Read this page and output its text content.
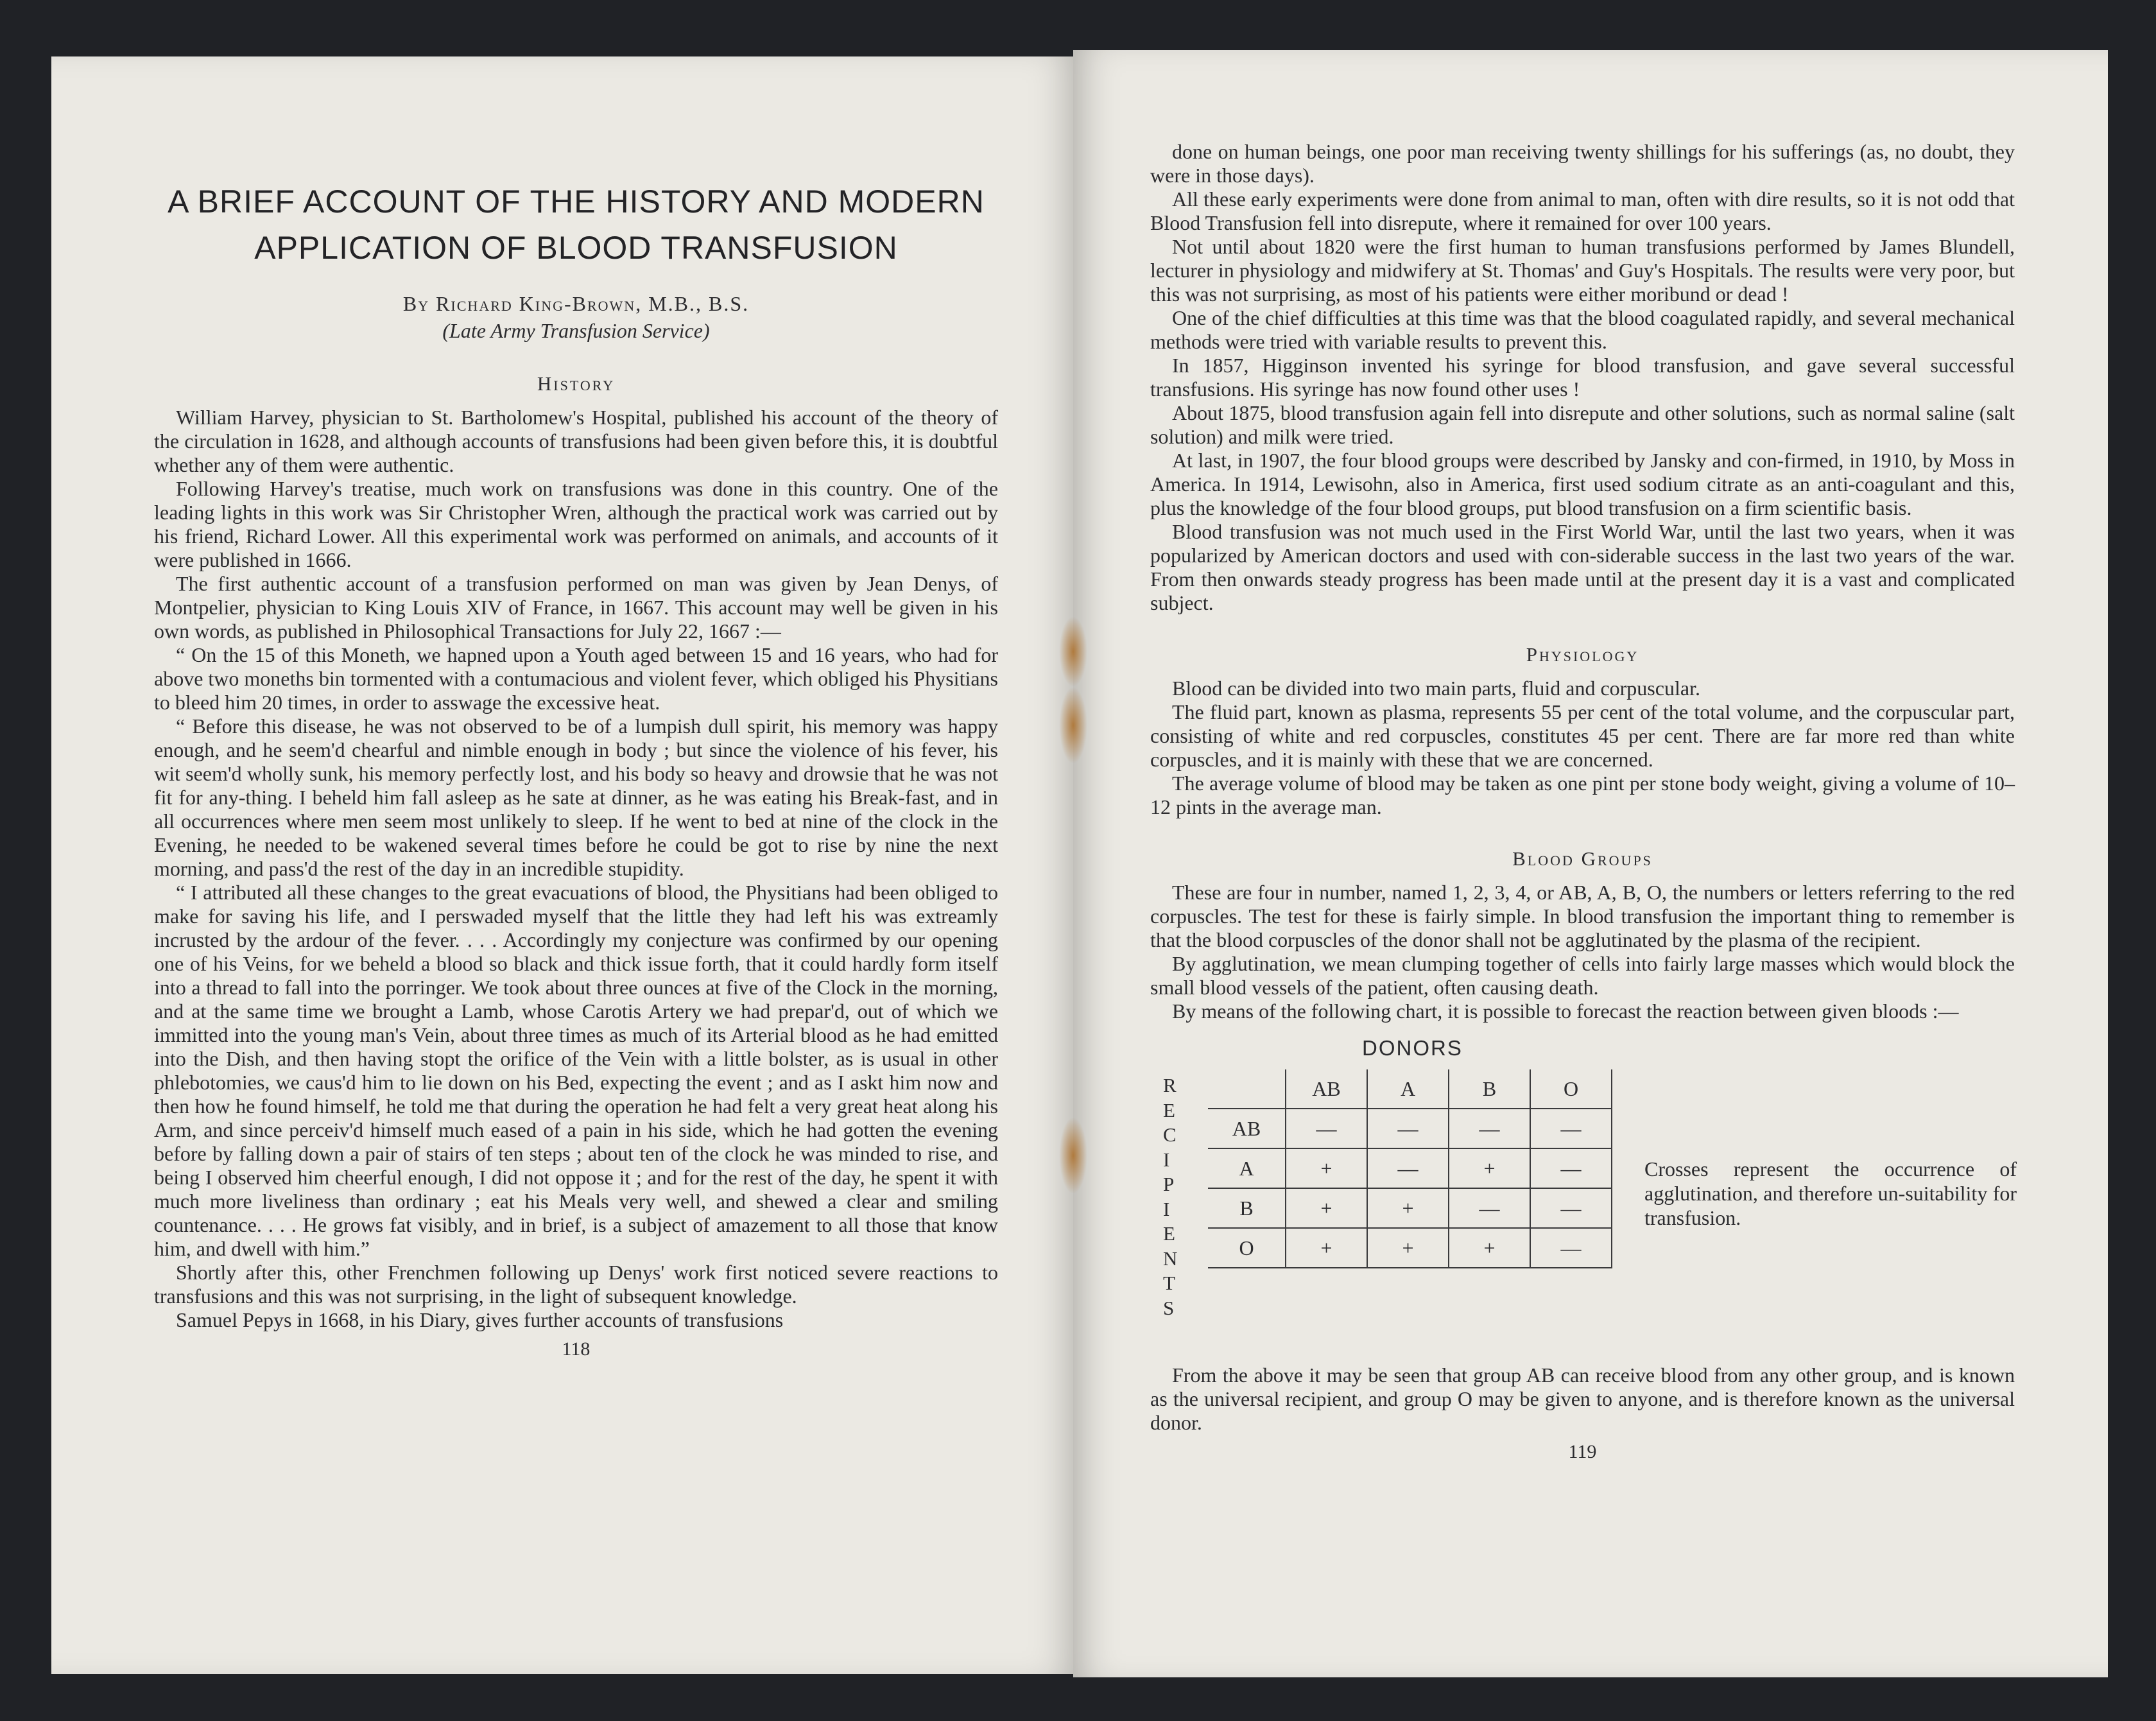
A BRIEF ACCOUNT OF THE HISTORY AND MODERN
APPLICATION OF BLOOD TRANSFUSION

By Richard King-Brown, M.B., B.S.

(Late Army Transfusion Service)

History

William Harvey, physician to St. Bartholomew's Hospital, published his account of the theory of the circulation in 1628, and although accounts of transfusions had been given before this, it is doubtful whether any of them were authentic.

Following Harvey's treatise, much work on transfusions was done in this country. One of the leading lights in this work was Sir Christopher Wren, although the practical work was carried out by his friend, Richard Lower. All this experimental work was performed on animals, and accounts of it were published in 1666.

The first authentic account of a transfusion performed on man was given by Jean Denys, of Montpelier, physician to King Louis XIV of France, in 1667. This account may well be given in his own words, as published in Philosophical Transactions for July 22, 1667 :—

“ On the 15 of this Moneth, we hapned upon a Youth aged between 15 and 16 years, who had for above two moneths bin tormented with a contumacious and violent fever, which obliged his Physitians to bleed him 20 times, in order to asswage the excessive heat.

“ Before this disease, he was not observed to be of a lumpish dull spirit, his memory was happy enough, and he seem'd chearful and nimble enough in body ; but since the violence of his fever, his wit seem'd wholly sunk, his memory perfectly lost, and his body so heavy and drowsie that he was not fit for any-thing. I beheld him fall asleep as he sate at dinner, as he was eating his Break-fast, and in all occurrences where men seem most unlikely to sleep. If he went to bed at nine of the clock in the Evening, he needed to be wakened several times before he could be got to rise by nine the next morning, and pass'd the rest of the day in an incredible stupidity.

“ I attributed all these changes to the great evacuations of blood, the Physitians had been obliged to make for saving his life, and I perswaded myself that the little they had left his was extreamly incrusted by the ardour of the fever. . . . Accordingly my conjecture was confirmed by our opening one of his Veins, for we beheld a blood so black and thick issue forth, that it could hardly form itself into a thread to fall into the porringer. We took about three ounces at five of the Clock in the morning, and at the same time we brought a Lamb, whose Carotis Artery we had prepar'd, out of which we immitted into the young man's Vein, about three times as much of its Arterial blood as he had emitted into the Dish, and then having stopt the orifice of the Vein with a little bolster, as is usual in other phlebotomies, we caus'd him to lie down on his Bed, expecting the event ; and as I askt him now and then how he found himself, he told me that during the operation he had felt a very great heat along his Arm, and since perceiv'd himself much eased of a pain in his side, which he had gotten the evening before by falling down a pair of stairs of ten steps ; about ten of the clock he was minded to rise, and being I observed him cheerful enough, I did not oppose it ; and for the rest of the day, he spent it with much more liveliness than ordinary ; eat his Meals very well, and shewed a clear and smiling countenance. . . . He grows fat visibly, and in brief, is a subject of amazement to all those that know him, and dwell with him.”

Shortly after this, other Frenchmen following up Denys' work first noticed severe reactions to transfusions and this was not surprising, in the light of subsequent knowledge.

Samuel Pepys in 1668, in his Diary, gives further accounts of transfusions

118

done on human beings, one poor man receiving twenty shillings for his sufferings (as, no doubt, they were in those days).

All these early experiments were done from animal to man, often with dire results, so it is not odd that Blood Transfusion fell into disrepute, where it remained for over 100 years.

Not until about 1820 were the first human to human transfusions performed by James Blundell, lecturer in physiology and midwifery at St. Thomas' and Guy's Hospitals. The results were very poor, but this was not surprising, as most of his patients were either moribund or dead !

One of the chief difficulties at this time was that the blood coagulated rapidly, and several mechanical methods were tried with variable results to prevent this.

In 1857, Higginson invented his syringe for blood transfusion, and gave several successful transfusions. His syringe has now found other uses !

About 1875, blood transfusion again fell into disrepute and other solutions, such as normal saline (salt solution) and milk were tried.

At last, in 1907, the four blood groups were described by Jansky and con-firmed, in 1910, by Moss in America. In 1914, Lewisohn, also in America, first used sodium citrate as an anti-coagulant and this, plus the knowledge of the four blood groups, put blood transfusion on a firm scientific basis.

Blood transfusion was not much used in the First World War, until the last two years, when it was popularized by American doctors and used with con-siderable success in the last two years of the war. From then onwards steady progress has been made until at the present day it is a vast and complicated subject.

Physiology

Blood can be divided into two main parts, fluid and corpuscular.

The fluid part, known as plasma, represents 55 per cent of the total volume, and the corpuscular part, consisting of white and red corpuscles, constitutes 45 per cent. There are far more red than white corpuscles, and it is mainly with these that we are concerned.

The average volume of blood may be taken as one pint per stone body weight, giving a volume of 10–12 pints in the average man.

Blood Groups

These are four in number, named 1, 2, 3, 4, or AB, A, B, O, the numbers or letters referring to the red corpuscles. The test for these is fairly simple. In blood transfusion the important thing to remember is that the blood corpuscles of the donor shall not be agglutinated by the plasma of the recipient.

By agglutination, we mean clumping together of cells into fairly large masses which would block the small blood vessels of the patient, often causing death.

By means of the following chart, it is possible to forecast the reaction between given bloods :—

DONORS
R
E
C
I
P
I
E
N
T
S
	AB	A	B	O
AB	—	—	—	—
A	+	—	+	—
B	+	+	—	—
O	+	+	+	—
Crosses represent the occurrence of agglutination, and therefore un-suitability for transfusion.

From the above it may be seen that group AB can receive blood from any other group, and is known as the universal recipient, and group O may be given to anyone, and is therefore known as the universal donor.

119
